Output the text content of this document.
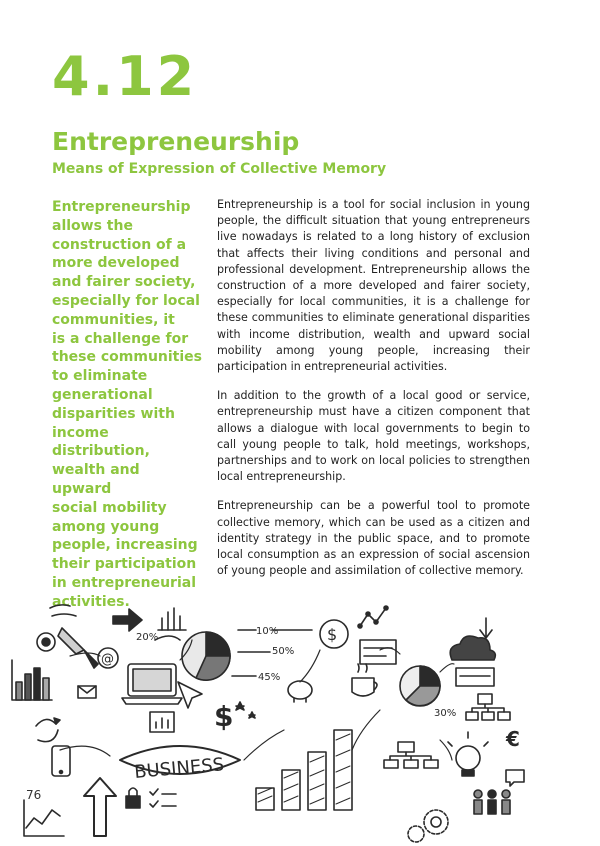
4.12
Entrepreneurship
Means of Expression of Collective Memory
Entrepreneurship
allows the
construction of a
more developed
and fairer society,
especially for local
communities, it
is a challenge for
these communities
to eliminate
generational
disparities with
income distribution,
wealth and upward
social mobility
among young
people, increasing
their participation
in entrepreneurial
activities.

Entrepreneurship is a tool for social inclusion in young people, the difficult situation that young entrepreneurs live nowadays is related to a long history of exclusion that affects their living conditions and personal and professional development. Entrepreneurship allows the construction of a more developed and fairer society, especially for local communities, it is a challenge for these communities to eliminate generational disparities with income distribution, wealth and upward social mobility among young people, increasing their participation in entrepreneurial activities.

In addition to the growth of a local good or service, entrepreneurship must have a citizen component that allows a dialogue with local governments to begin to call young people to talk, hold meetings, workshops, partnerships and to work on local policies to strengthen local entrepreneurship.

Entrepreneurship can be a powerful tool to promote collective memory, which can be used as a citizen and identity strategy in the public space, and to promote local consumption as an expression of social ascension of young people and assimilation of collective memory.

20%
10%
50%
45%
$
@
$	30%
BUSINESS
€
76
